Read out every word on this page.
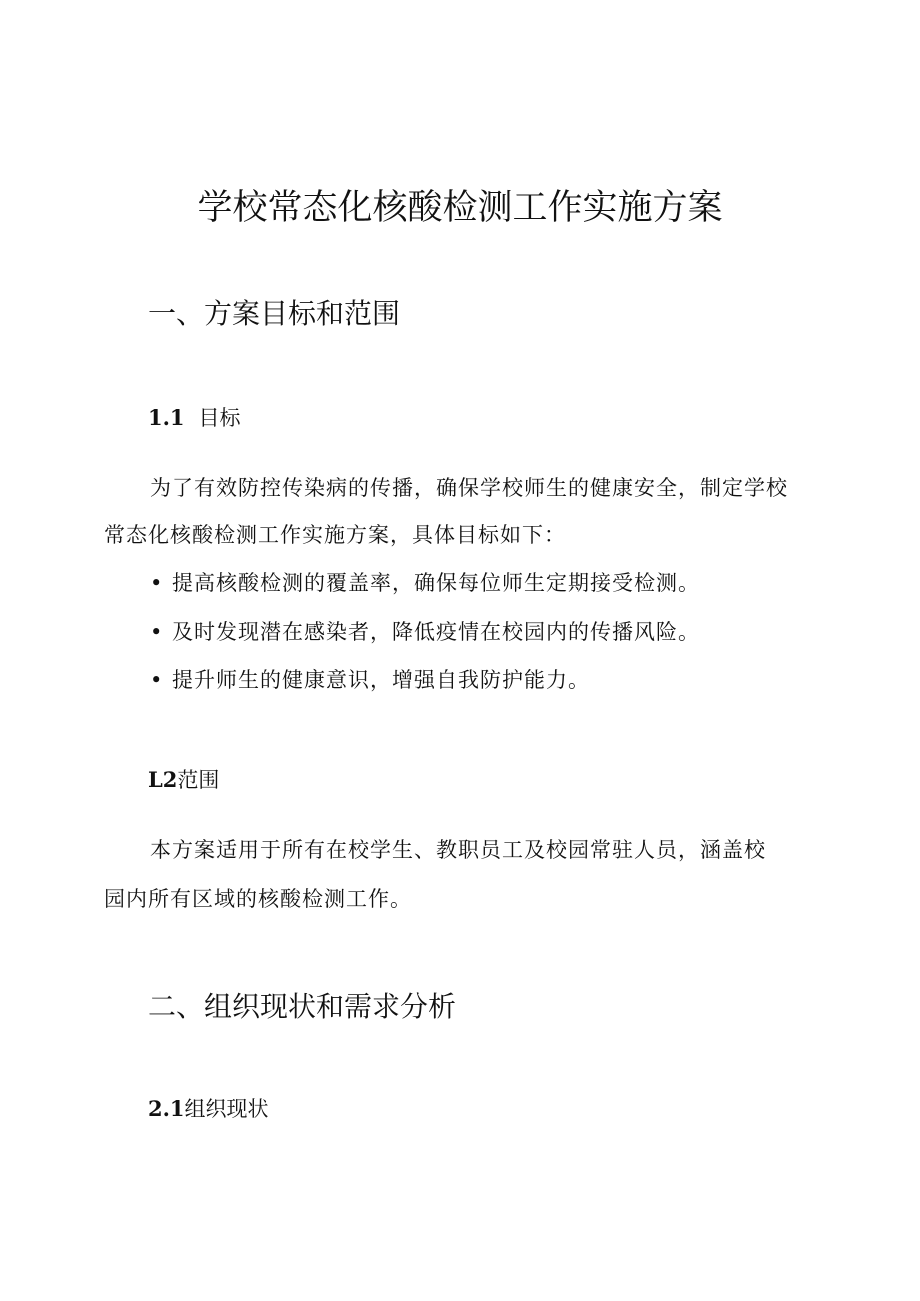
学校常态化核酸检测工作实施方案
一、方案目标和范围
1.1 目标
为了有效防控传染病的传播，确保学校师生的健康安全，制定学校
常态化核酸检测工作实施方案，具体目标如下：
• 提高核酸检测的覆盖率，确保每位师生定期接受检测。
• 及时发现潜在感染者，降低疫情在校园内的传播风险。
• 提升师生的健康意识，增强自我防护能力。
L2范围
本方案适用于所有在校学生、教职员工及校园常驻人员，涵盖校
园内所有区域的核酸检测工作。
二、组织现状和需求分析
2.1组织现状
